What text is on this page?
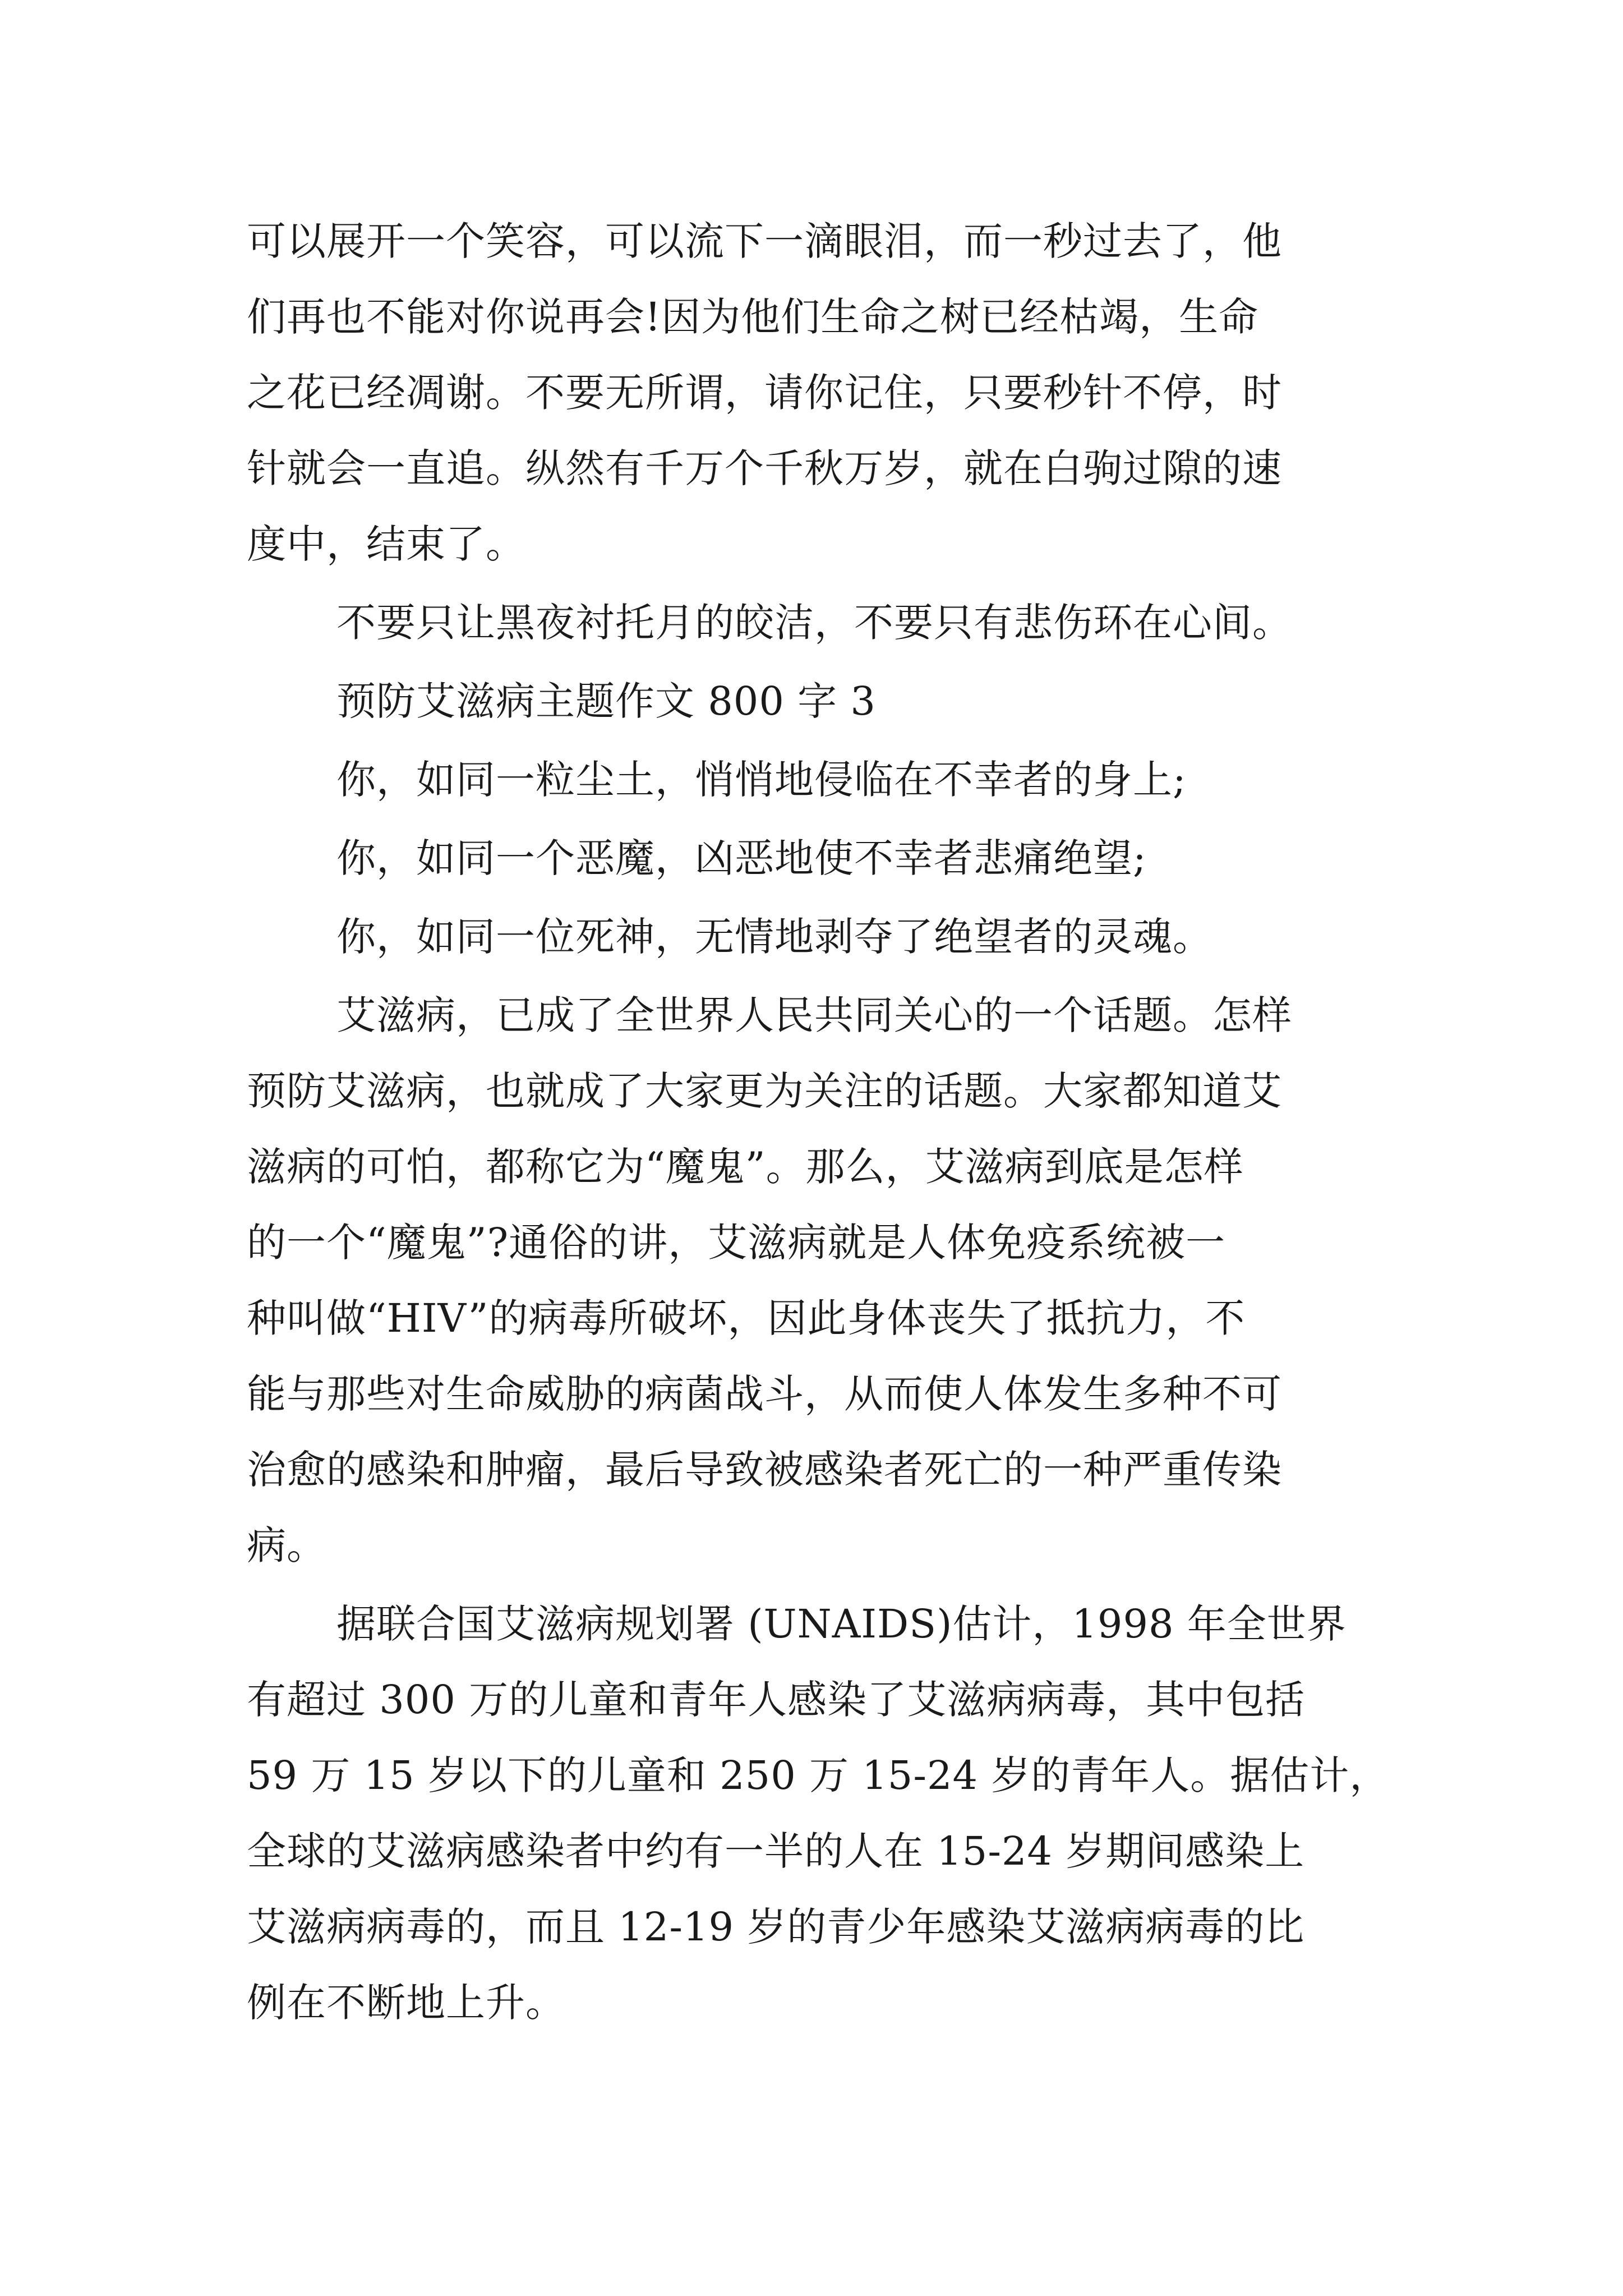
可以展开一个笑容，可以流下一滴眼泪，而一秒过去了，他
们再也不能对你说再会!因为他们生命之树已经枯竭，生命
之花已经凋谢。不要无所谓，请你记住，只要秒针不停，时
针就会一直追。纵然有千万个千秋万岁，就在白驹过隙的速
度中，结束了。
不要只让黑夜衬托月的皎洁，不要只有悲伤环在心间。
预防艾滋病主题作文 800 字 3
你，如同一粒尘土，悄悄地侵临在不幸者的身上;
你，如同一个恶魔，凶恶地使不幸者悲痛绝望;
你，如同一位死神，无情地剥夺了绝望者的灵魂。
艾滋病，已成了全世界人民共同关心的一个话题。怎样
预防艾滋病，也就成了大家更为关注的话题。大家都知道艾
滋病的可怕，都称它为“魔鬼”。那么，艾滋病到底是怎样
的一个“魔鬼”?通俗的讲，艾滋病就是人体免疫系统被一
种叫做“HIV”的病毒所破坏，因此身体丧失了抵抗力，不
能与那些对生命威胁的病菌战斗，从而使人体发生多种不可
治愈的感染和肿瘤，最后导致被感染者死亡的一种严重传染
病。
据联合国艾滋病规划署 (UNAIDS)估计，1998 年全世界
有超过 300 万的儿童和青年人感染了艾滋病病毒，其中包括
59 万 15 岁以下的儿童和 250 万 15-24 岁的青年人。据估计，
全球的艾滋病感染者中约有一半的人在 15-24 岁期间感染上
艾滋病病毒的，而且 12-19 岁的青少年感染艾滋病病毒的比
例在不断地上升。
